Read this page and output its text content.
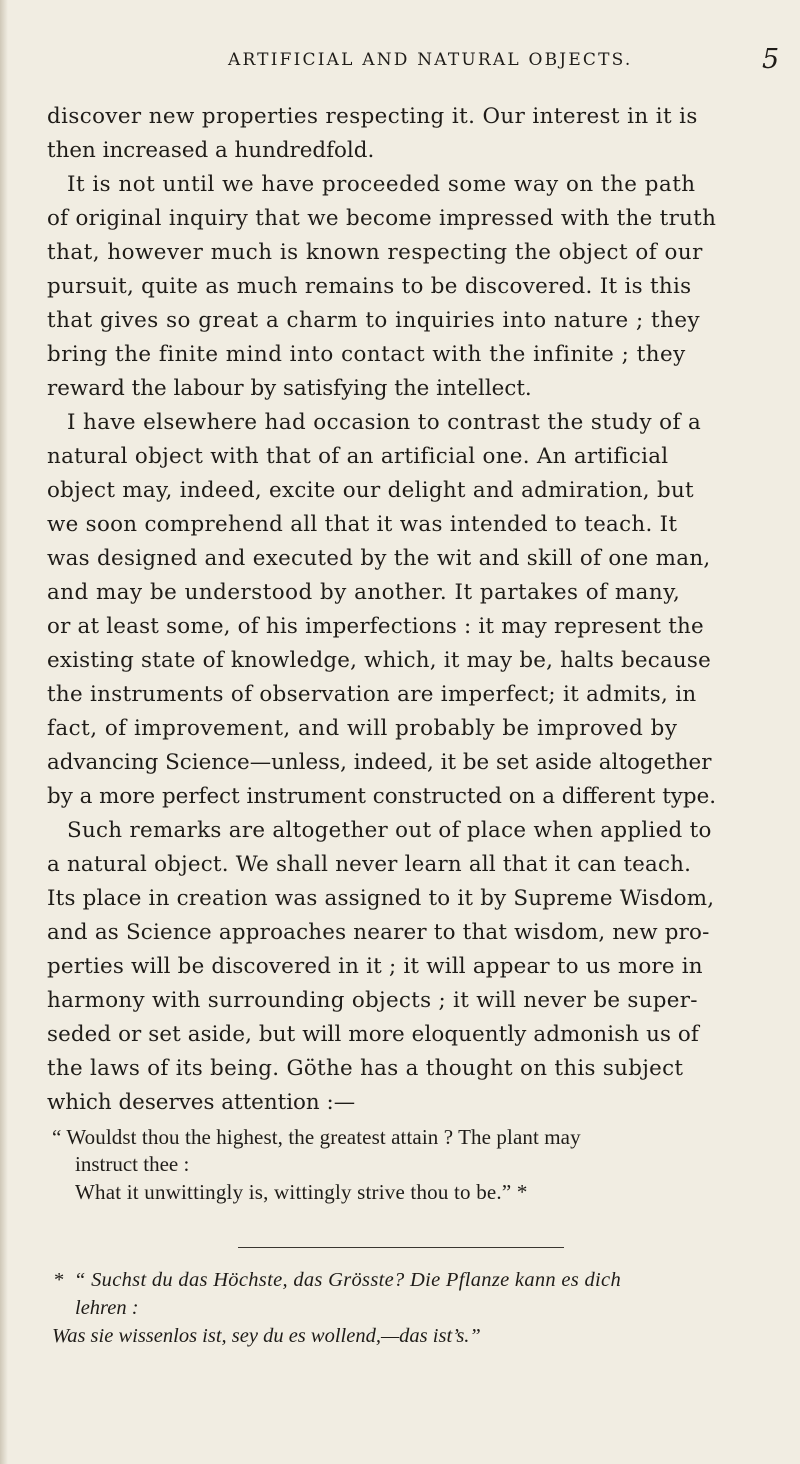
ARTIFICIAL AND NATURAL OBJECTS.	5
discover new properties respecting it. Our interest in it is
then increased a hundredfold.
It is not until we have proceeded some way on the path
of original inquiry that we become impressed with the truth
that, however much is known respecting the object of our
pursuit, quite as much remains to be discovered. It is this
that gives so great a charm to inquiries into nature ; they
bring the finite mind into contact with the infinite ; they
reward the labour by satisfying the intellect.
I have elsewhere had occasion to contrast the study of a
natural object with that of an artificial one. An artificial
object may, indeed, excite our delight and admiration, but
we soon comprehend all that it was intended to teach. It
was designed and executed by the wit and skill of one man,
and may be understood by another. It partakes of many,
or at least some, of his imperfections : it may represent the
existing state of knowledge, which, it may be, halts because
the instruments of observation are imperfect; it admits, in
fact, of improvement, and will probably be improved by
advancing Science—unless, indeed, it be set aside altogether
by a more perfect instrument constructed on a different type.
Such remarks are altogether out of place when applied to
a natural object. We shall never learn all that it can teach.
Its place in creation was assigned to it by Supreme Wisdom,
and as Science approaches nearer to that wisdom, new pro-
perties will be discovered in it ; it will appear to us more in
harmony with surrounding objects ; it will never be super-
seded or set aside, but will more eloquently admonish us of
the laws of its being. Göthe has a thought on this subject
which deserves attention :—
“ Wouldst thou the highest, the greatest attain ? The plant may
instruct thee :
What it unwittingly is, wittingly strive thou to be.” *
* “ Suchst du das Höchste, das Grösste? Die Pflanze kann es dich
lehren :
Was sie wissenlos ist, sey du es wollend,—das ist’s.”
